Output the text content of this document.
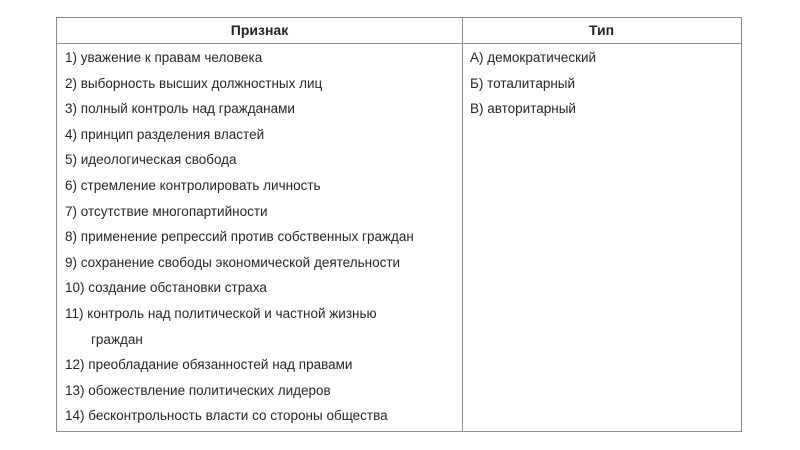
Признак	Тип
1) уважение к правам человека
2) выборность высших должностных лиц
3) полный контроль над гражданами
4) принцип разделения властей
5) идеологическая свобода
6) стремление контролировать личность
7) отсутствие многопартийности
8) применение репрессий против собственных граждан
9) сохранение свободы экономической деятельности
10) создание обстановки страха
11) контроль над политической и частной жизнью
граждан
12) преобладание обязанностей над правами
13) обожествление политических лидеров
14) бесконтрольность власти со стороны общества
А) демократический
Б) тоталитарный
В) авторитарный
